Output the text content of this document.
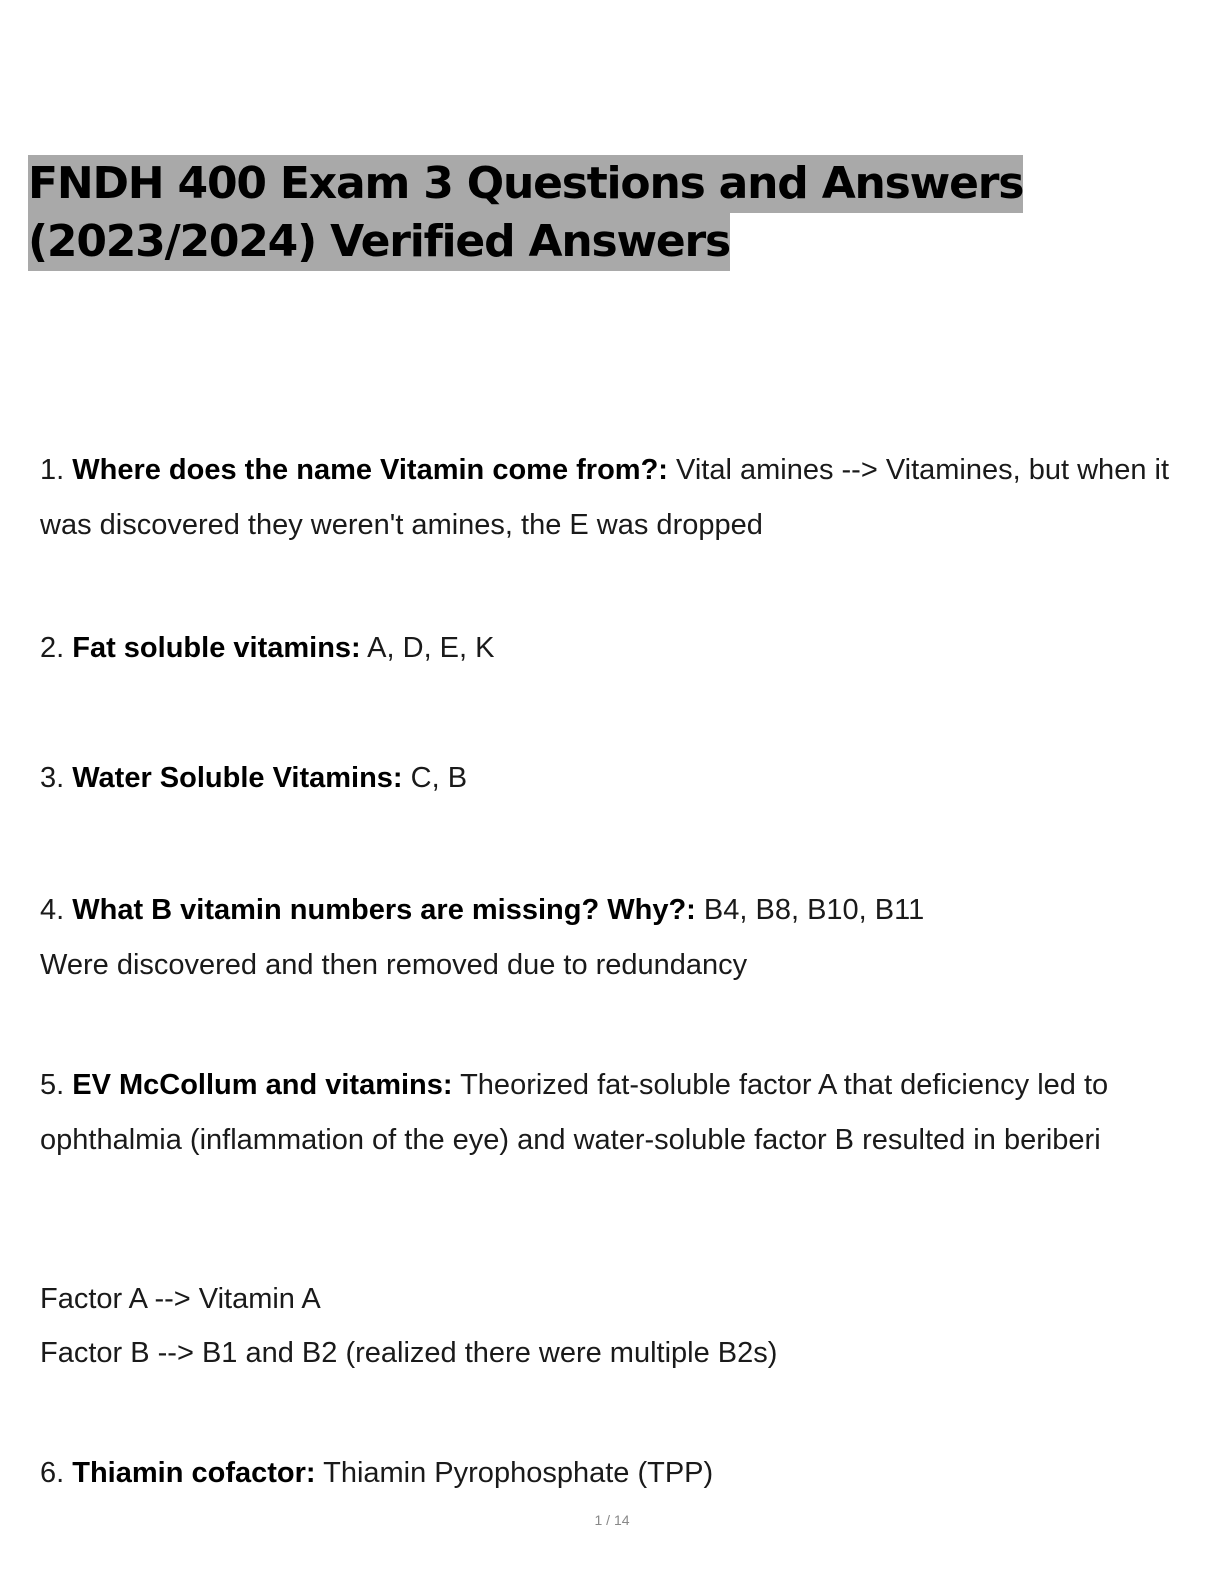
FNDH 400 Exam 3 Questions and Answers
(2023/2024) Verified Answers
1. Where does the name Vitamin come from?: Vital amines --> Vitamines, but when it was discovered they weren't amines, the E was dropped
2. Fat soluble vitamins: A, D, E, K
3. Water Soluble Vitamins: C, B
4. What B vitamin numbers are missing? Why?: B4, B8, B10, B11
Were discovered and then removed due to redundancy
5. EV McCollum and vitamins: Theorized fat-soluble factor A that deficiency led to ophthalmia (inflammation of the eye) and water-soluble factor B resulted in beriberi
Factor A --> Vitamin A
Factor B --> B1 and B2 (realized there were multiple B2s)
6. Thiamin cofactor: Thiamin Pyrophosphate (TPP)
1 / 14
